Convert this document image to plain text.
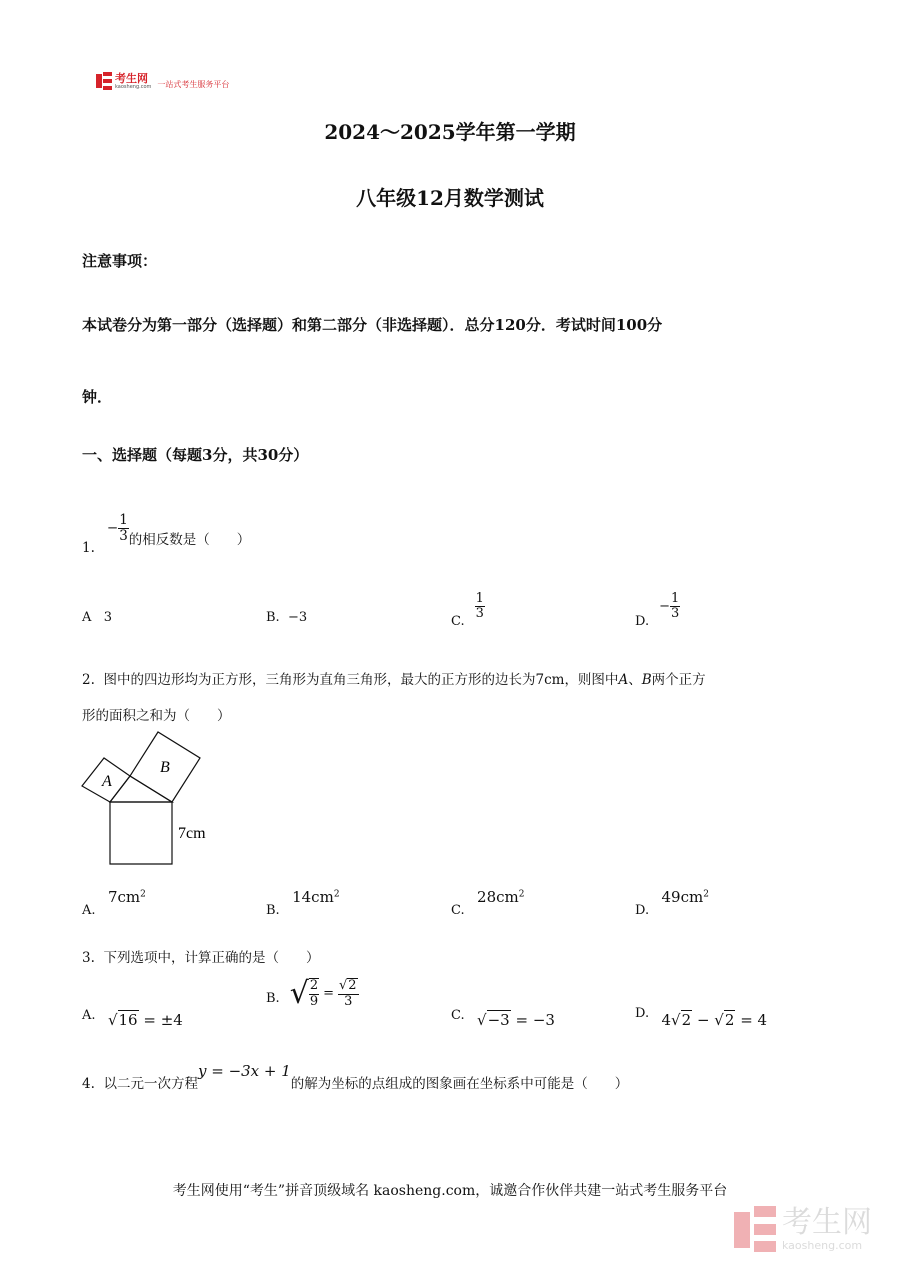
考生网
kaosheng.com 一站式考生服务平台
2024～2025学年第一学期
八年级12月数学测试
注意事项：
本试卷分为第一部分（选择题）和第二部分（非选择题）．总分120分．考试时间100分
钟．
一、选择题（每题3分，共30分）
1.
− $\frac{1}{3}$ 的相反数是（　　）
A 3	B. −3	C.
$\frac{1}{3}$
D.
− $\frac{1}{3}$
2. 图中的四边形均为正方形，三角形为直角三角形，最大的正方形的边长为7cm，则图中A、B两个正方
形的面积之和为（　　）
A
B
7cm
A.   $7cm^2$
B.   $14cm^2$
C.   $28cm^2$
D.   $49cm^2$
3. 下列选项中，计算正确的是（　　）
A. √16 = ±4
B. √ $\frac{2}{9} = \frac{√2}{3}$
C. √−3 = −3	D. 4√2 − √2 = 4
4. 以二元一次方程y = −3x + 1的解为坐标的点组成的图象画在坐标系中可能是（　　）
考生网使用“考生”拼音顶级域名 kaosheng.com，诚邀合作伙伴共建一站式考生服务平台
考生网
kaosheng.com
